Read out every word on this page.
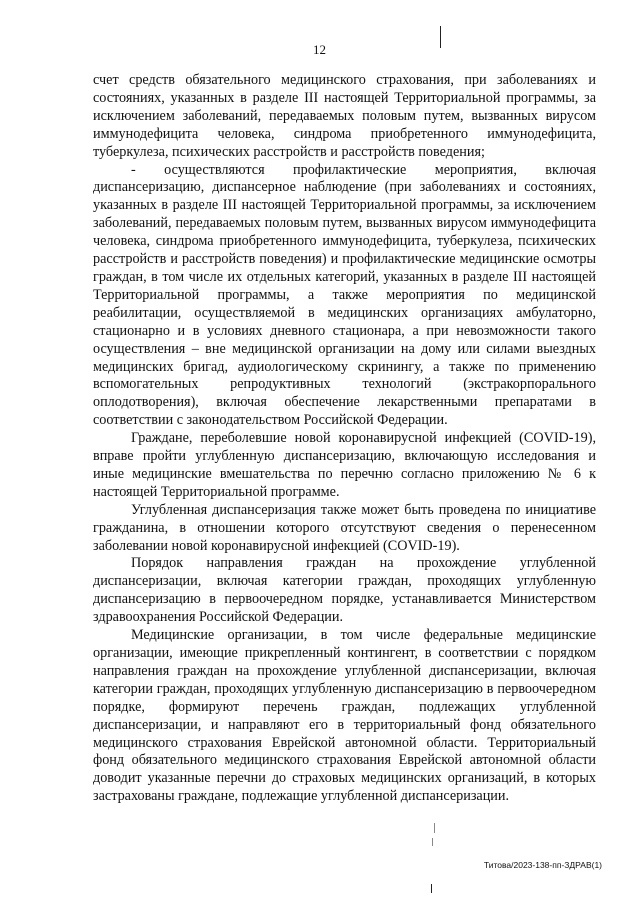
12

счет средств обязательного медицинского страхования, при заболеваниях и состояниях, указанных в разделе III настоящей Территориальной программы, за исключением заболеваний, передаваемых половым путем, вызванных вирусом иммунодефицита человека, синдрома приобретенного иммунодефицита, туберкулеза, психических расстройств и расстройств поведения;

- осуществляются профилактические мероприятия, включая диспансеризацию, диспансерное наблюдение (при заболеваниях и состояниях, указанных в разделе III настоящей Территориальной программы, за исключением заболеваний, передаваемых половым путем, вызванных вирусом иммунодефицита человека, синдрома приобретенного иммунодефицита, туберкулеза, психических расстройств и расстройств поведения) и профилактические медицинские осмотры граждан, в том числе их отдельных категорий, указанных в разделе III настоящей Территориальной программы, а также мероприятия по медицинской реабилитации, осуществляемой в медицинских организациях амбулаторно, стационарно и в условиях дневного стационара, а при невозможности такого осуществления – вне медицинской организации на дому или силами выездных медицинских бригад, аудиологическому скринингу, а также по применению вспомогательных репродуктивных технологий (экстракорпорального оплодотворения), включая обеспечение лекарственными препаратами в соответствии с законодательством Российской Федерации.

Граждане, переболевшие новой коронавирусной инфекцией (COVID-19), вправе пройти углубленную диспансеризацию, включающую исследования и иные медицинские вмешательства по перечню согласно приложению № 6 к настоящей Территориальной программе.

Углубленная диспансеризация также может быть проведена по инициативе гражданина, в отношении которого отсутствуют сведения о перенесенном заболевании новой коронавирусной инфекцией (COVID-19).

Порядок направления граждан на прохождение углубленной диспансеризации, включая категории граждан, проходящих углубленную диспансеризацию в первоочередном порядке, устанавливается Министерством здравоохранения Российской Федерации.

Медицинские организации, в том числе федеральные медицинские организации, имеющие прикрепленный контингент, в соответствии с порядком направления граждан на прохождение углубленной диспансеризации, включая категории граждан, проходящих углубленную диспансеризацию в первоочередном порядке, формируют перечень граждан, подлежащих углубленной диспансеризации, и направляют его в территориальный фонд обязательного медицинского страхования Еврейской автономной области. Территориальный фонд обязательного медицинского страхования Еврейской автономной области доводит указанные перечни до страховых медицинских организаций, в которых застрахованы граждане, подлежащие углубленной диспансеризации.

Титова/2023-138-пп-ЗДРАВ(1)
